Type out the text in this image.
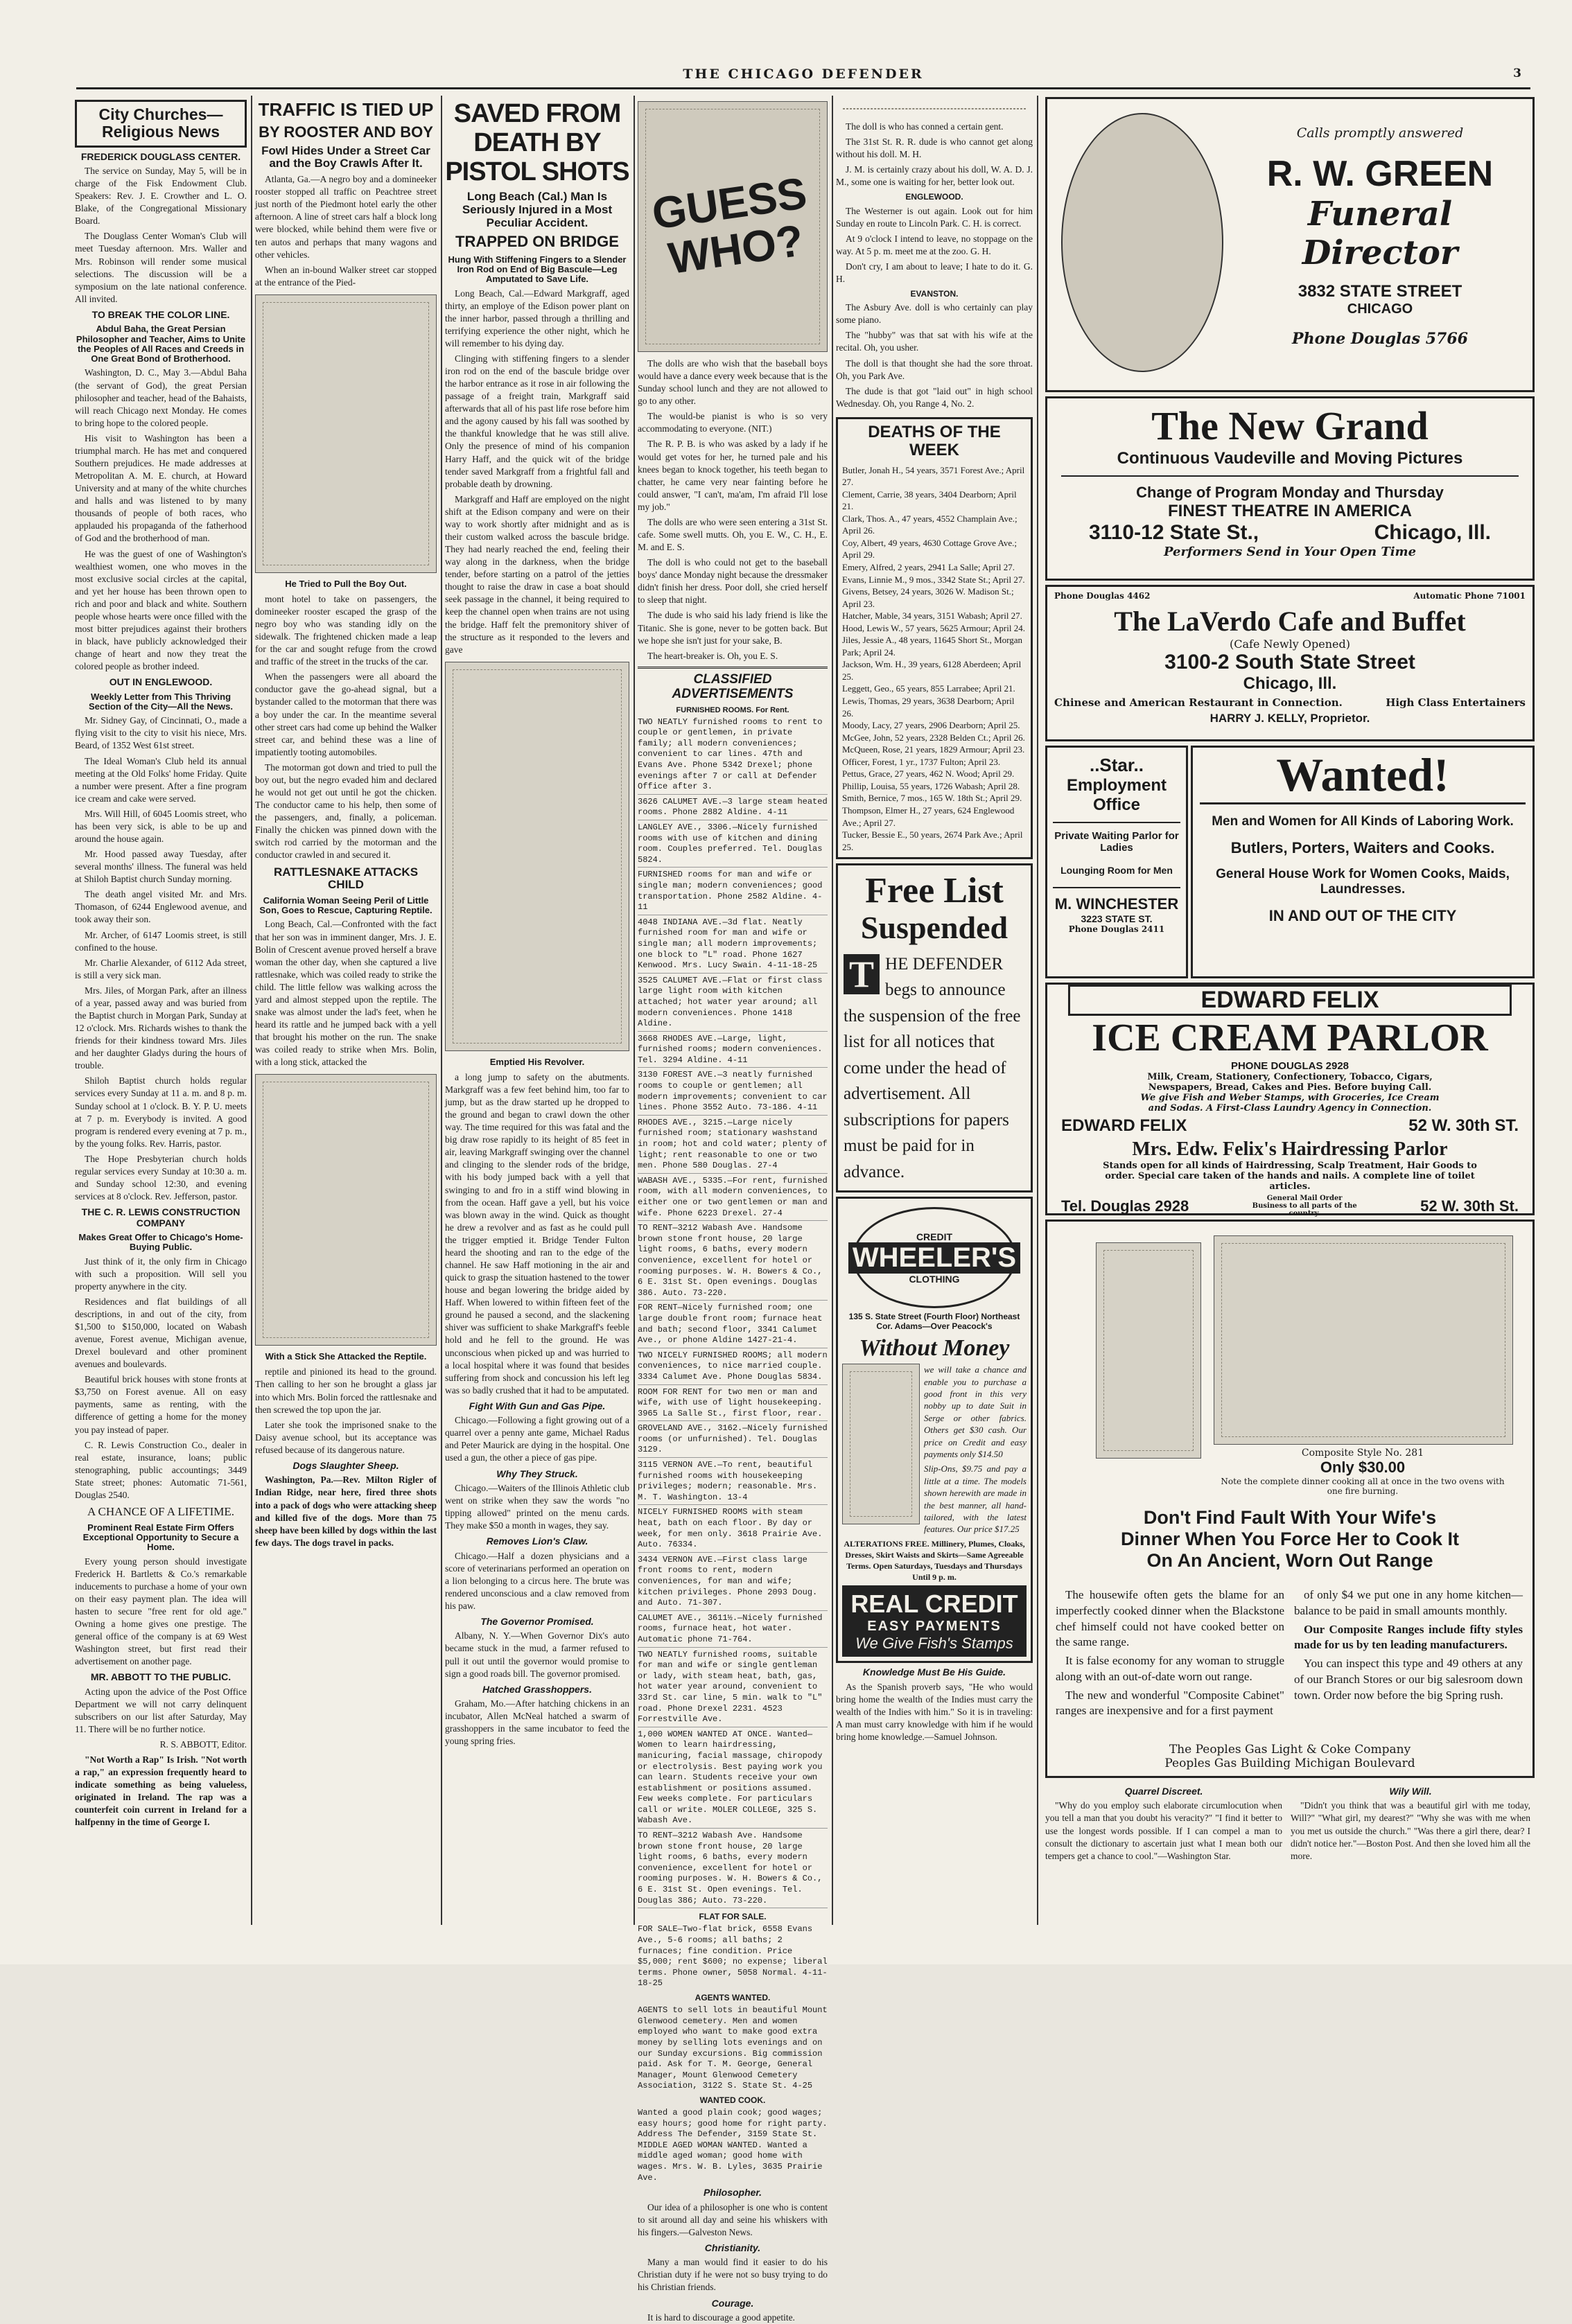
THE CHICAGO DEFENDER	3
City Churches—Religious News
FREDERICK DOUGLASS CENTER.

The service on Sunday, May 5, will be in charge of the Fisk Endowment Club. Speakers: Rev. J. E. Crowther and L. O. Blake, of the Congregational Missionary Board.

The Douglass Center Woman's Club will meet Tuesday afternoon. Mrs. Waller and Mrs. Robinson will render some musical selections. The discussion will be a symposium on the late national conference. All invited.

TO BREAK THE COLOR LINE.
Abdul Baha, the Great Persian Philosopher and Teacher, Aims to Unite the Peoples of All Races and Creeds in One Great Bond of Brotherhood.

Washington, D. C., May 3.—Abdul Baha (the servant of God), the great Persian philosopher and teacher, head of the Bahaists, will reach Chicago next Monday. He comes to bring hope to the colored people.

His visit to Washington has been a triumphal march. He has met and conquered Southern prejudices. He made addresses at Metropolitan A. M. E. church, at Howard University and at many of the white churches and halls and was listened to by many thousands of people of both races, who applauded his propaganda of the fatherhood of God and the brotherhood of man.

He was the guest of one of Washington's wealthiest women, one who moves in the most exclusive social circles at the capital, and yet her house has been thrown open to rich and poor and black and white. Southern people whose hearts were once filled with the most bitter prejudices against their brothers in black, have publicly acknowledged their change of heart and now they treat the colored people as brother indeed.

OUT IN ENGLEWOOD.
Weekly Letter from This Thriving Section of the City—All the News.

Mr. Sidney Gay, of Cincinnati, O., made a flying visit to the city to visit his niece, Mrs. Beard, of 1352 West 61st street.

The Ideal Woman's Club held its annual meeting at the Old Folks' home Friday. Quite a number were present. After a fine program ice cream and cake were served.

Mrs. Will Hill, of 6045 Loomis street, who has been very sick, is able to be up and around the house again.

Mr. Hood passed away Tuesday, after several months' illness. The funeral was held at Shiloh Baptist church Sunday morning.

The death angel visited Mr. and Mrs. Thomason, of 6244 Englewood avenue, and took away their son.

Mr. Archer, of 6147 Loomis street, is still confined to the house.

Mr. Charlie Alexander, of 6112 Ada street, is still a very sick man.

Mrs. Jiles, of Morgan Park, after an illness of a year, passed away and was buried from the Baptist church in Morgan Park, Sunday at 12 o'clock. Mrs. Richards wishes to thank the friends for their kindness toward Mrs. Jiles and her daughter Gladys during the hours of trouble.

Shiloh Baptist church holds regular services every Sunday at 11 a. m. and 8 p. m. Sunday school at 1 o'clock. B. Y. P. U. meets at 7 p. m. Everybody is invited. A good program is rendered every evening at 7 p. m., by the young folks. Rev. Harris, pastor.

The Hope Presbyterian church holds regular services every Sunday at 10:30 a. m. and Sunday school 12:30, and evening services at 8 o'clock. Rev. Jefferson, pastor.

THE C. R. LEWIS CONSTRUCTION COMPANY
Makes Great Offer to Chicago's Home-Buying Public.

Just think of it, the only firm in Chicago with such a proposition. Will sell you property anywhere in the city.

Residences and flat buildings of all descriptions, in and out of the city, from $1,500 to $150,000, located on Wabash avenue, Forest avenue, Michigan avenue, Drexel boulevard and other prominent avenues and boulevards.

Beautiful brick houses with stone fronts at $3,750 on Forest avenue. All on easy payments, same as renting, with the difference of getting a home for the money you pay instead of paper.

C. R. Lewis Construction Co., dealer in real estate, insurance, loans; public stenographing, public accountings; 3449 State street; phones: Automatic 71-561, Douglas 2540.

A CHANCE OF A LIFETIME.
Prominent Real Estate Firm Offers Exceptional Opportunity to Secure a Home.

Every young person should investigate Frederick H. Bartletts & Co.'s remarkable inducements to purchase a home of your own on their easy payment plan. The idea will hasten to secure "free rent for old age." Owning a home gives one prestige. The general office of the company is at 69 West Washington street, but first read their advertisement on another page.

MR. ABBOTT TO THE PUBLIC.

Acting upon the advice of the Post Office Department we will not carry delinquent subscribers on our list after Saturday, May 11. There will be no further notice.

R. S. ABBOTT, Editor.

"Not Worth a Rap" Is Irish. "Not worth a rap," an expression frequently heard to indicate something as being valueless, originated in Ireland. The rap was a counterfeit coin current in Ireland for a halfpenny in the time of George I.

TRAFFIC IS TIED UP
BY ROOSTER AND BOY
Fowl Hides Under a Street Car and the Boy Crawls After It.

Atlanta, Ga.—A negro boy and a domineeker rooster stopped all traffic on Peachtree street just north of the Piedmont hotel early the other afternoon. A line of street cars half a block long were blocked, while behind them were five or ten autos and perhaps that many wagons and other vehicles.

When an in-bound Walker street car stopped at the entrance of the Pied-

He Tried to Pull the Boy Out.

mont hotel to take on passengers, the domineeker rooster escaped the grasp of the negro boy who was standing idly on the sidewalk. The frightened chicken made a leap for the car and sought refuge from the crowd and traffic of the street in the trucks of the car.

When the passengers were all aboard the conductor gave the go-ahead signal, but a bystander called to the motorman that there was a boy under the car. In the meantime several other street cars had come up behind the Walker street car, and behind these was a line of impatiently tooting automobiles.

The motorman got down and tried to pull the boy out, but the negro evaded him and declared he would not get out until he got the chicken. The conductor came to his help, then some of the passengers, and, finally, a policeman. Finally the chicken was pinned down with the switch rod carried by the motorman and the conductor crawled in and secured it.

RATTLESNAKE ATTACKS CHILD
California Woman Seeing Peril of Little Son, Goes to Rescue, Capturing Reptile.

Long Beach, Cal.—Confronted with the fact that her son was in imminent danger, Mrs. J. E. Bolin of Crescent avenue proved herself a brave woman the other day, when she captured a live rattlesnake, which was coiled ready to strike the child. The little fellow was walking across the yard and almost stepped upon the reptile. The snake was almost under the lad's feet, when he heard its rattle and he jumped back with a yell that brought his mother on the run. The snake was coiled ready to strike when Mrs. Bolin, with a long stick, attacked the

With a Stick She Attacked the Reptile.

reptile and pinioned its head to the ground. Then calling to her son he brought a glass jar into which Mrs. Bolin forced the rattlesnake and then screwed the top upon the jar.

Later she took the imprisoned snake to the Daisy avenue school, but its acceptance was refused because of its dangerous nature.

Dogs Slaughter Sheep.

Washington, Pa.—Rev. Milton Rigler of Indian Ridge, near here, fired three shots into a pack of dogs who were attacking sheep and killed five of the dogs. More than 75 sheep have been killed by dogs within the last few days. The dogs travel in packs.

SAVED FROM DEATH BY PISTOL SHOTS
Long Beach (Cal.) Man Is Seriously Injured in a Most Peculiar Accident.
TRAPPED ON BRIDGE
Hung With Stiffening Fingers to a Slender Iron Rod on End of Big Bascule—Leg Amputated to Save Life.

Long Beach, Cal.—Edward Markgraff, aged thirty, an employe of the Edison power plant on the inner harbor, passed through a thrilling and terrifying experience the other night, which he will remember to his dying day.

Clinging with stiffening fingers to a slender iron rod on the end of the bascule bridge over the harbor entrance as it rose in air following the passage of a freight train, Markgraff said afterwards that all of his past life rose before him and the agony caused by his fall was soothed by the thankful knowledge that he was still alive. Only the presence of mind of his companion Harry Haff, and the quick wit of the bridge tender saved Markgraff from a frightful fall and probable death by drowning.

Markgraff and Haff are employed on the night shift at the Edison company and were on their way to work shortly after midnight and as is their custom walked across the bascule bridge. They had nearly reached the end, feeling their way along in the darkness, when the bridge tender, before starting on a patrol of the jetties thought to raise the draw in case a boat should seek passage in the channel, it being required to keep the channel open when trains are not using the bridge. Haff felt the premonitory shiver of the structure as it responded to the levers and gave

Emptied His Revolver.

a long jump to safety on the abutments. Markgraff was a few feet behind him, too far to jump, but as the draw started up he dropped to the ground and began to crawl down the other way. The time required for this was fatal and the big draw rose rapidly to its height of 85 feet in air, leaving Markgraff swinging over the channel and clinging to the slender rods of the bridge, with his body jumped back with a yell that swinging to and fro in a stiff wind blowing in from the ocean. Haff gave a yell, but his voice was blown away in the wind. Quick as thought he drew a revolver and as fast as he could pull the trigger emptied it. Bridge Tender Fulton heard the shooting and ran to the edge of the channel. He saw Haff motioning in the air and quick to grasp the situation hastened to the tower house and began lowering the bridge aided by Haff. When lowered to within fifteen feet of the ground he paused a second, and the slackening shiver was sufficient to shake Markgraff's feeble hold and he fell to the ground. He was unconscious when picked up and was hurried to a local hospital where it was found that besides suffering from shock and concussion his left leg was so badly crushed that it had to be amputated.

Fight With Gun and Gas Pipe.

Chicago.—Following a fight growing out of a quarrel over a penny ante game, Michael Radus and Peter Maurick are dying in the hospital. One used a gun, the other a piece of gas pipe.

Why They Struck.

Chicago.—Waiters of the Illinois Athletic club went on strike when they saw the words "no tipping allowed" printed on the menu cards. They make $50 a month in wages, they say.

Removes Lion's Claw.

Chicago.—Half a dozen physicians and a score of veterinarians performed an operation on a lion belonging to a circus here. The brute was rendered unconscious and a claw removed from his paw.

The Governor Promised.

Albany, N. Y.—When Governor Dix's auto became stuck in the mud, a farmer refused to pull it out until the governor would promise to sign a good roads bill. The governor promised.

Hatched Grasshoppers.

Graham, Mo.—After hatching chickens in an incubator, Allen McNeal hatched a swarm of grasshoppers in the same incubator to feed the young spring fries.

GUESS WHO?

The dolls are who wish that the baseball boys would have a dance every week because that is the Sunday school lunch and they are not allowed to go to any other.

The would-be pianist is who is so very accommodating to everyone. (NIT.)

The R. P. B. is who was asked by a lady if he would get votes for her, he turned pale and his knees began to knock together, his teeth began to chatter, he came very near fainting before he could answer, "I can't, ma'am, I'm afraid I'll lose my job."

The dolls are who were seen entering a 31st St. cafe. Some swell mutts. Oh, you E. W., C. H., E. M. and E. S.

The doll is who could not get to the baseball boys' dance Monday night because the dressmaker didn't finish her dress. Poor doll, she cried herself to sleep that night.

The dude is who said his lady friend is like the Titanic. She is gone, never to be gotten back. But we hope she isn't just for your sake, B.

The heart-breaker is. Oh, you E. S.

CLASSIFIED ADVERTISEMENTS
FURNISHED ROOMS. For Rent.

TWO NEATLY furnished rooms to rent to couple or gentlemen, in private family; all modern conveniences; convenient to car lines. 47th and Evans Ave. Phone 5342 Drexel; phone evenings after 7 or call at Defender Office after 3.

3626 CALUMET AVE.—3 large steam heated rooms. Phone 2882 Aldine. 4-11

LANGLEY AVE., 3306.—Nicely furnished rooms with use of kitchen and dining room. Couples preferred. Tel. Douglas 5824.

FURNISHED rooms for man and wife or single man; modern conveniences; good transportation. Phone 2582 Aldine. 4-11

4048 INDIANA AVE.—3d flat. Neatly furnished room for man and wife or single man; all modern improvements; one block to "L" road. Phone 1627 Kenwood. Mrs. Lucy Swain. 4-11-18-25

3525 CALUMET AVE.—Flat or first class large light room with kitchen attached; hot water year around; all modern conveniences. Phone 1418 Aldine.

3668 RHODES AVE.—Large, light, furnished rooms; modern conveniences. Tel. 3294 Aldine. 4-11

3130 FOREST AVE.—3 neatly furnished rooms to couple or gentlemen; all modern improvements; convenient to car lines. Phone 3552 Auto. 73-186. 4-11

RHODES AVE., 3215.—Large nicely furnished room; stationary washstand in room; hot and cold water; plenty of light; rent reasonable to one or two men. Phone 580 Douglas. 27-4

WABASH AVE., 5335.—For rent, furnished room, with all modern conveniences, to either one or two gentlemen or man and wife. Phone 6223 Drexel. 27-4

TO RENT—3212 Wabash Ave. Handsome brown stone front house, 20 large light rooms, 6 baths, every modern convenience, excellent for hotel or rooming purposes. W. H. Bowers & Co., 6 E. 31st St. Open evenings. Douglas 386. Auto. 73-220.

FOR RENT—Nicely furnished room; one large double front room; furnace heat and bath; second floor, 3341 Calumet Ave., or phone Aldine 1427-21-4.

TWO NICELY FURNISHED ROOMS; all modern conveniences, to nice married couple. 3334 Calumet Ave. Phone Douglas 5834.

ROOM FOR RENT for two men or man and wife, with use of light housekeeping. 3965 La Salle St., first floor, rear.

GROVELAND AVE., 3162.—Nicely furnished rooms (or unfurnished). Tel. Douglas 3129.

3115 VERNON AVE.—To rent, beautiful furnished rooms with housekeeping privileges; modern; reasonable. Mrs. M. T. Washington. 13-4

NICELY FURNISHED ROOMS with steam heat, bath on each floor. By day or week, for men only. 3618 Prairie Ave. Auto. 76334.

3434 VERNON AVE.—First class large front rooms to rent, modern conveniences, for man and wife; kitchen privileges. Phone 2093 Doug. and Auto. 71-307.

CALUMET AVE., 3611½.—Nicely furnished rooms, furnace heat, hot water. Automatic phone 71-764.

TWO NEATLY furnished rooms, suitable for man and wife or single gentleman or lady, with steam heat, bath, gas, hot water year around, convenient to 33rd St. car line, 5 min. walk to "L" road. Phone Drexel 2231. 4523 Forrestville Ave.

1,000 WOMEN WANTED AT ONCE. Wanted—Women to learn hairdressing, manicuring, facial massage, chiropody or electrolysis. Best paying work you can learn. Students receive your own establishment or positions assumed. Few weeks complete. For particulars call or write. MOLER COLLEGE, 325 S. Wabash Ave.

TO RENT—3212 Wabash Ave. Handsome brown stone front house, 20 large light rooms, 6 baths, every modern convenience, excellent for hotel or rooming purposes. W. H. Bowers & Co., 6 E. 31st St. Open evenings. Tel. Douglas 386; Auto. 73-220.

FLAT FOR SALE.

FOR SALE—Two-flat brick, 6558 Evans Ave., 5-6 rooms; all baths; 2 furnaces; fine condition. Price $5,000; rent $600; no expense; liberal terms. Phone owner, 5058 Normal. 4-11-18-25

AGENTS WANTED.

AGENTS to sell lots in beautiful Mount Glenwood cemetery. Men and women employed who want to make good extra money by selling lots evenings and on our Sunday excursions. Big commission paid. Ask for T. M. George, General Manager, Mount Glenwood Cemetery Association, 3122 S. State St. 4-25

WANTED COOK.

Wanted a good plain cook; good wages; easy hours; good home for right party. Address The Defender, 3159 State St. MIDDLE AGED WOMAN WANTED. Wanted a middle aged woman; good home with wages. Mrs. W. B. Lyles, 3635 Prairie Ave.

Philosopher.

Our idea of a philosopher is one who is content to sit around all day and seine his whiskers with his fingers.—Galveston News.

Christianity.

Many a man would find it easier to do his Christian duty if he were not so busy trying to do his Christian friends.

Courage.

It is hard to discourage a good appetite.

The doll is who has conned a certain gent.

The 31st St. R. R. dude is who cannot get along without his doll. M. H.

J. M. is certainly crazy about his doll, W. A. D. J. M., some one is waiting for her, better look out.

ENGLEWOOD.

The Westerner is out again. Look out for him Sunday en route to Lincoln Park. C. H. is correct.

At 9 o'clock I intend to leave, no stoppage on the way. At 5 p. m. meet me at the zoo. G. H.

Don't cry, I am about to leave; I hate to do it. G. H.

EVANSTON.

The Asbury Ave. doll is who certainly can play some piano.

The "hubby" was that sat with his wife at the recital. Oh, you usher.

The doll is that thought she had the sore throat. Oh, you Park Ave.

The dude is that got "laid out" in high school Wednesday. Oh, you Range 4, No. 2.

DEATHS OF THE WEEK

Butler, Jonah H., 54 years, 3571 Forest Ave.; April 27.

Clement, Carrie, 38 years, 3404 Dearborn; April 21.

Clark, Thos. A., 47 years, 4552 Champlain Ave.; April 26.

Coy, Albert, 49 years, 4630 Cottage Grove Ave.; April 29.

Emery, Alfred, 2 years, 2941 La Salle; April 27.

Evans, Linnie M., 9 mos., 3342 State St.; April 27.

Givens, Betsey, 24 years, 3026 W. Madison St.; April 23.

Hatcher, Mable, 34 years, 3151 Wabash; April 27.

Hood, Lewis W., 57 years, 5625 Armour; April 24.

Jiles, Jessie A., 48 years, 11645 Short St., Morgan Park; April 24.

Jackson, Wm. H., 39 years, 6128 Aberdeen; April 25.

Leggett, Geo., 65 years, 855 Larrabee; April 21.

Lewis, Thomas, 29 years, 3638 Dearborn; April 26.

Moody, Lacy, 27 years, 2906 Dearborn; April 25.

McGee, John, 52 years, 2328 Belden Ct.; April 26.

McQueen, Rose, 21 years, 1829 Armour; April 23.

Officer, Forest, 1 yr., 1737 Fulton; April 23.

Pettus, Grace, 27 years, 462 N. Wood; April 29.

Phillip, Louisa, 55 years, 1726 Wabash; April 28.

Smith, Bernice, 7 mos., 165 W. 18th St.; April 29.

Thompson, Elmer H., 27 years, 624 Englewood Ave.; April 27.

Tucker, Bessie E., 50 years, 2674 Park Ave.; April 25.

Free List
Suspended
T HE DEFENDER begs to announce the suspension of the free list for all notices that come under the head of advertisement. All subscriptions for papers must be paid for in advance.
CREDIT
WHEELER'S
CLOTHING
135 S. State Street (Fourth Floor) Northeast Cor. Adams—Over Peacock's
Without Money

we will take a chance and enable you to purchase a good front in this very nobby up to date Suit in Serge or other fabrics. Others get $30 cash. Our price on Credit and easy payments only $14.50

Slip-Ons, $9.75 and pay a little at a time. The models shown herewith are made in the best manner, all hand-tailored, with the latest features. Our price $17.25

ALTERATIONS FREE. Millinery, Plumes, Cloaks, Dresses, Skirt Waists and Skirts—Same Agreeable Terms. Open Saturdays, Tuesdays and Thursdays Until 9 p. m.

REAL CREDIT
EASY PAYMENTS
We Give Fish's Stamps
Knowledge Must Be His Guide.

As the Spanish proverb says, "He who would bring home the wealth of the Indies must carry the wealth of the Indies with him." So it is in traveling: A man must carry knowledge with him if he would bring home knowledge.—Samuel Johnson.

Calls promptly answered
R. W. GREEN
Funeral
Director
3832 STATE STREET
CHICAGO
Phone Douglas 5766
The New Grand
Continuous Vaudeville and Moving Pictures
Change of Program Monday and Thursday
FINEST THEATRE IN AMERICA
3110-12 State St.,	Chicago, Ill.
Performers Send in Your Open Time
Phone Douglas 4462	Automatic Phone 71001
The LaVerdo Cafe and Buffet
(Cafe Newly Opened)
3100-2 South State Street
Chicago, Ill.
Chinese and American Restaurant in Connection.	High Class Entertainers
HARRY J. KELLY, Proprietor.
..Star..
Employment Office
Private Waiting Parlor for Ladies
Lounging Room for Men
M. WINCHESTER
3223 STATE ST.
Phone Douglas 2411
Wanted!
Men and Women for All Kinds of Laboring Work.
Butlers, Porters, Waiters and Cooks.
General House Work for Women Cooks, Maids, Laundresses.
IN AND OUT OF THE CITY
EDWARD FELIX
ICE CREAM PARLOR
PHONE DOUGLAS 2928
Milk, Cream, Stationery, Confectionery, Tobacco, Cigars, Newspapers, Bread, Cakes and Pies. Before buying Call.
We give Fish and Weber Stamps, with Groceries, Ice Cream and Sodas. A First-Class Laundry Agency in Connection.
EDWARD FELIX	52 W. 30th ST.
Mrs. Edw. Felix's Hairdressing Parlor
Stands open for all kinds of Hairdressing, Scalp Treatment, Hair Goods to order. Special care taken of the hands and nails. A complete line of toilet articles.
Tel. Douglas 2928	General Mail Order Business to all parts of the country.	52 W. 30th St.
Composite Style No. 281
Only $30.00
Note the complete dinner cooking all at once in the two ovens with one fire burning.
Don't Find Fault With Your Wife's
Dinner When You Force Her to Cook It
On An Ancient, Worn Out Range

The housewife often gets the blame for an imperfectly cooked dinner when the Blackstone chef himself could not have cooked better on the same range.

It is false economy for any woman to struggle along with an out-of-date worn out range.

The new and wonderful "Composite Cabinet" ranges are inexpensive and for a first payment

of only $4 we put one in any home kitchen—balance to be paid in small amounts monthly.

Our Composite Ranges include fifty styles made for us by ten leading manufacturers.

You can inspect this type and 49 others at any of our Branch Stores or our big salesroom down town. Order now before the big Spring rush.

The Peoples Gas Light & Coke Company
Peoples Gas Building Michigan Boulevard
Quarrel Discreet.

"Why do you employ such elaborate circumlocution when you tell a man that you doubt his veracity?" "I find it better to use the longest words possible. If I can compel a man to consult the dictionary to ascertain just what I mean both our tempers get a chance to cool."—Washington Star.

Wily Will.

"Didn't you think that was a beautiful girl with me today, Will?" "What girl, my dearest?" "Why she was with me when you met us outside the church." "Was there a girl there, dear? I didn't notice her."—Boston Post. And then she loved him all the more.
